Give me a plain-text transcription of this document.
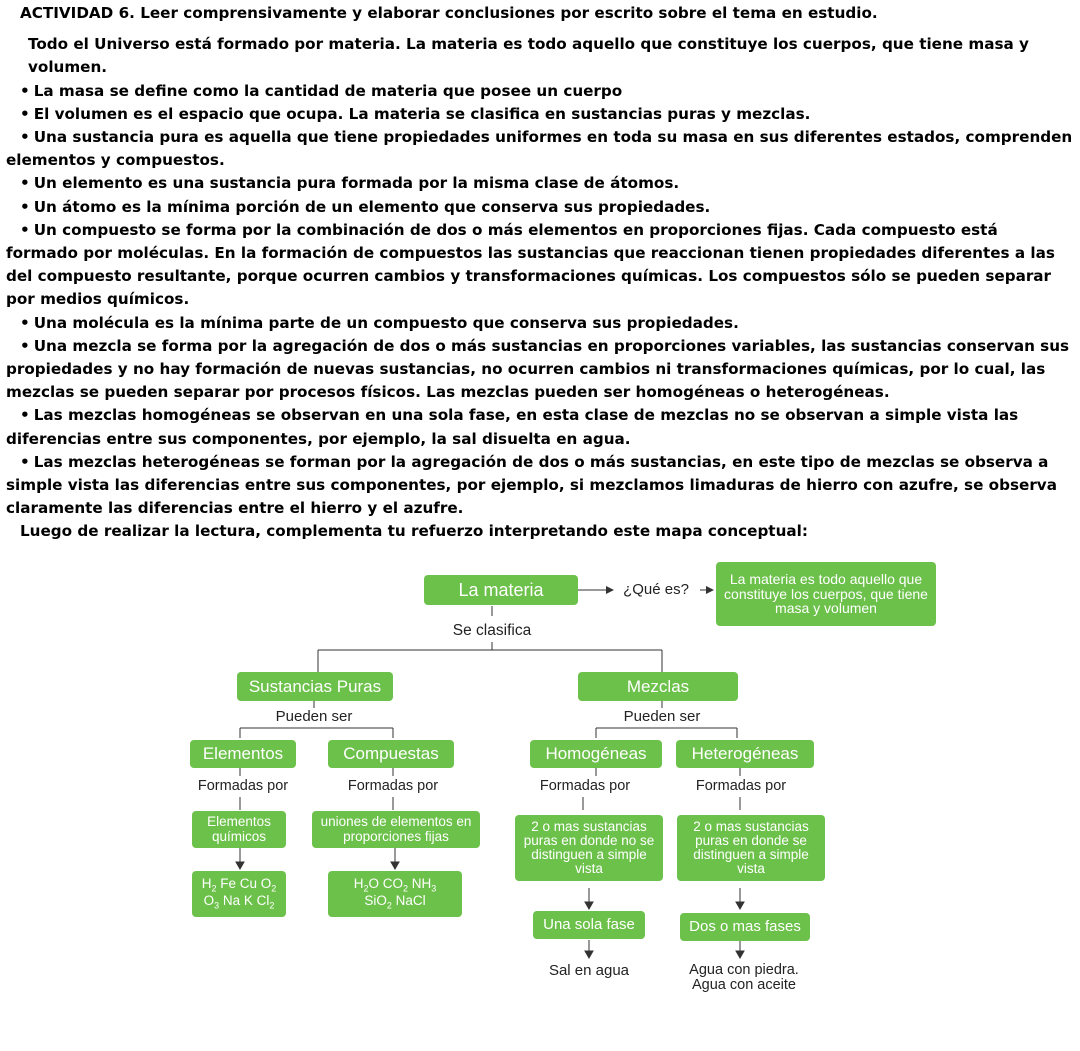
ACTIVIDAD 6. Leer comprensivamente y elaborar conclusiones por escrito sobre el tema en estudio.

Todo el Universo está formado por materia. La materia es todo aquello que constituye los cuerpos, que tiene masa y volumen.

• La masa se define como la cantidad de materia que posee un cuerpo

• El volumen es el espacio que ocupa. La materia se clasifica en sustancias puras y mezclas.

• Una sustancia pura es aquella que tiene propiedades uniformes en toda su masa en sus diferentes estados, comprenden elementos y compuestos.

• Un elemento es una sustancia pura formada por la misma clase de átomos.

• Un átomo es la mínima porción de un elemento que conserva sus propiedades.

• Un compuesto se forma por la combinación de dos o más elementos en proporciones fijas. Cada compuesto está formado por moléculas. En la formación de compuestos las sustancias que reaccionan tienen propiedades diferentes a las del compuesto resultante, porque ocurren cambios y transformaciones químicas. Los compuestos sólo se pueden separar por medios químicos.

• Una molécula es la mínima parte de un compuesto que conserva sus propiedades.

• Una mezcla se forma por la agregación de dos o más sustancias en proporciones variables, las sustancias conservan sus propiedades y no hay formación de nuevas sustancias, no ocurren cambios ni transformaciones químicas, por lo cual, las mezclas se pueden separar por procesos físicos. Las mezclas pueden ser homogéneas o heterogéneas.

• Las mezclas homogéneas se observan en una sola fase, en esta clase de mezclas no se observan a simple vista las diferencias entre sus componentes, por ejemplo, la sal disuelta en agua.

• Las mezclas heterogéneas se forman por la agregación de dos o más sustancias, en este tipo de mezclas se observa a simple vista las diferencias entre sus componentes, por ejemplo, si mezclamos limaduras de hierro con azufre, se observa claramente las diferencias entre el hierro y el azufre.

Luego de realizar la lectura, complementa tu refuerzo interpretando este mapa conceptual:

La materia	¿Qué es?
La materia es todo aquello que constituye los cuerpos, que tiene masa y volumen
Se clasifica
Sustancias Puras	Mezclas
Pueden ser	Pueden ser
Elementos	Compuestas	Homogéneas	Heterogéneas
Formadas por	Formadas por	Formadas por	Formadas por
Elementos químicos
uniones de elementos en proporciones fijas
2 o mas sustancias puras en donde no se distinguen a simple vista
2 o mas sustancias puras en donde se distinguen a simple vista
$H_2$ Fe Cu $O_2$
$O_3$ Na K $Cl_2$
$H_2O$ $CO_2$ $NH_3$
SiO$_2$ NaCl
Una sola fase	Dos o mas fases
Sal en agua	Agua con piedra.
Agua con aceite
